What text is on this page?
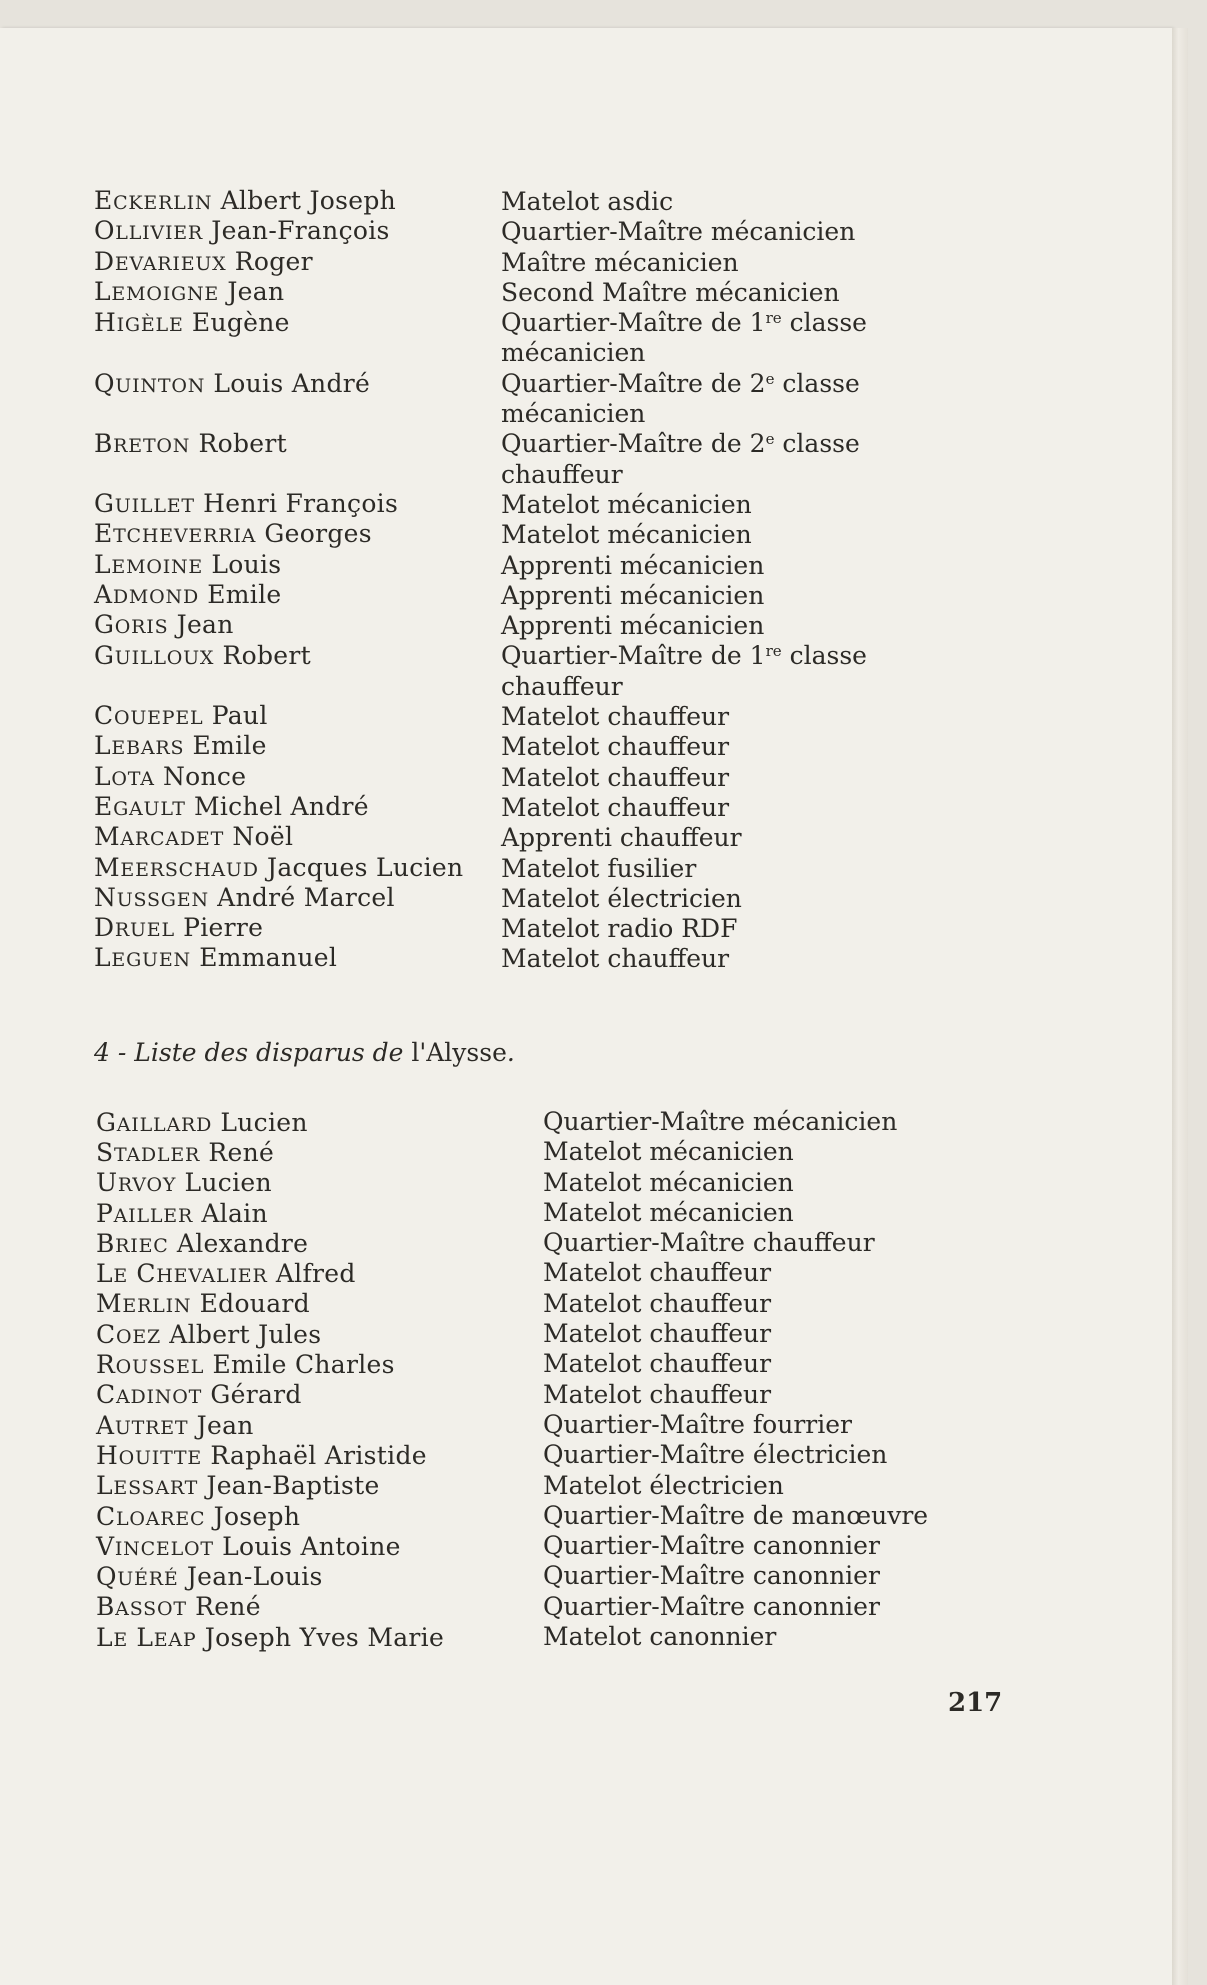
ECKERLIN Albert Joseph	Matelot asdic
OLLIVIER Jean-François	Quartier-Maître mécanicien
DEVARIEUX Roger	Maître mécanicien
LEMOIGNE Jean	Second Maître mécanicien
HIGÈLE Eugène	Quartier-Maître de 1re classe
mécanicien
QUINTON Louis André	Quartier-Maître de 2e classe
mécanicien
BRETON Robert	Quartier-Maître de 2e classe
chauffeur
GUILLET Henri François	Matelot mécanicien
ETCHEVERRIA Georges	Matelot mécanicien
LEMOINE Louis	Apprenti mécanicien
ADMOND Emile	Apprenti mécanicien
GORIS Jean	Apprenti mécanicien
GUILLOUX Robert	Quartier-Maître de 1re classe
chauffeur
COUEPEL Paul	Matelot chauffeur
LEBARS Emile	Matelot chauffeur
LOTA Nonce	Matelot chauffeur
EGAULT Michel André	Matelot chauffeur
MARCADET Noël	Apprenti chauffeur
MEERSCHAUD Jacques Lucien	Matelot fusilier
NUSSGEN André Marcel	Matelot électricien
DRUEL Pierre	Matelot radio RDF
LEGUEN Emmanuel	Matelot chauffeur
4 - Liste des disparus de l'Alysse.
GAILLARD Lucien	Quartier-Maître mécanicien
STADLER René	Matelot mécanicien
URVOY Lucien	Matelot mécanicien
PAILLER Alain	Matelot mécanicien
BRIEC Alexandre	Quartier-Maître chauffeur
LE CHEVALIER Alfred	Matelot chauffeur
MERLIN Edouard	Matelot chauffeur
COEZ Albert Jules	Matelot chauffeur
ROUSSEL Emile Charles	Matelot chauffeur
CADINOT Gérard	Matelot chauffeur
AUTRET Jean	Quartier-Maître fourrier
HOUITTE Raphaël Aristide	Quartier-Maître électricien
LESSART Jean-Baptiste	Matelot électricien
CLOAREC Joseph	Quartier-Maître de manœuvre
VINCELOT Louis Antoine	Quartier-Maître canonnier
QUÉRÉ Jean-Louis	Quartier-Maître canonnier
BASSOT René	Quartier-Maître canonnier
LE LEAP Joseph Yves Marie	Matelot canonnier
217
